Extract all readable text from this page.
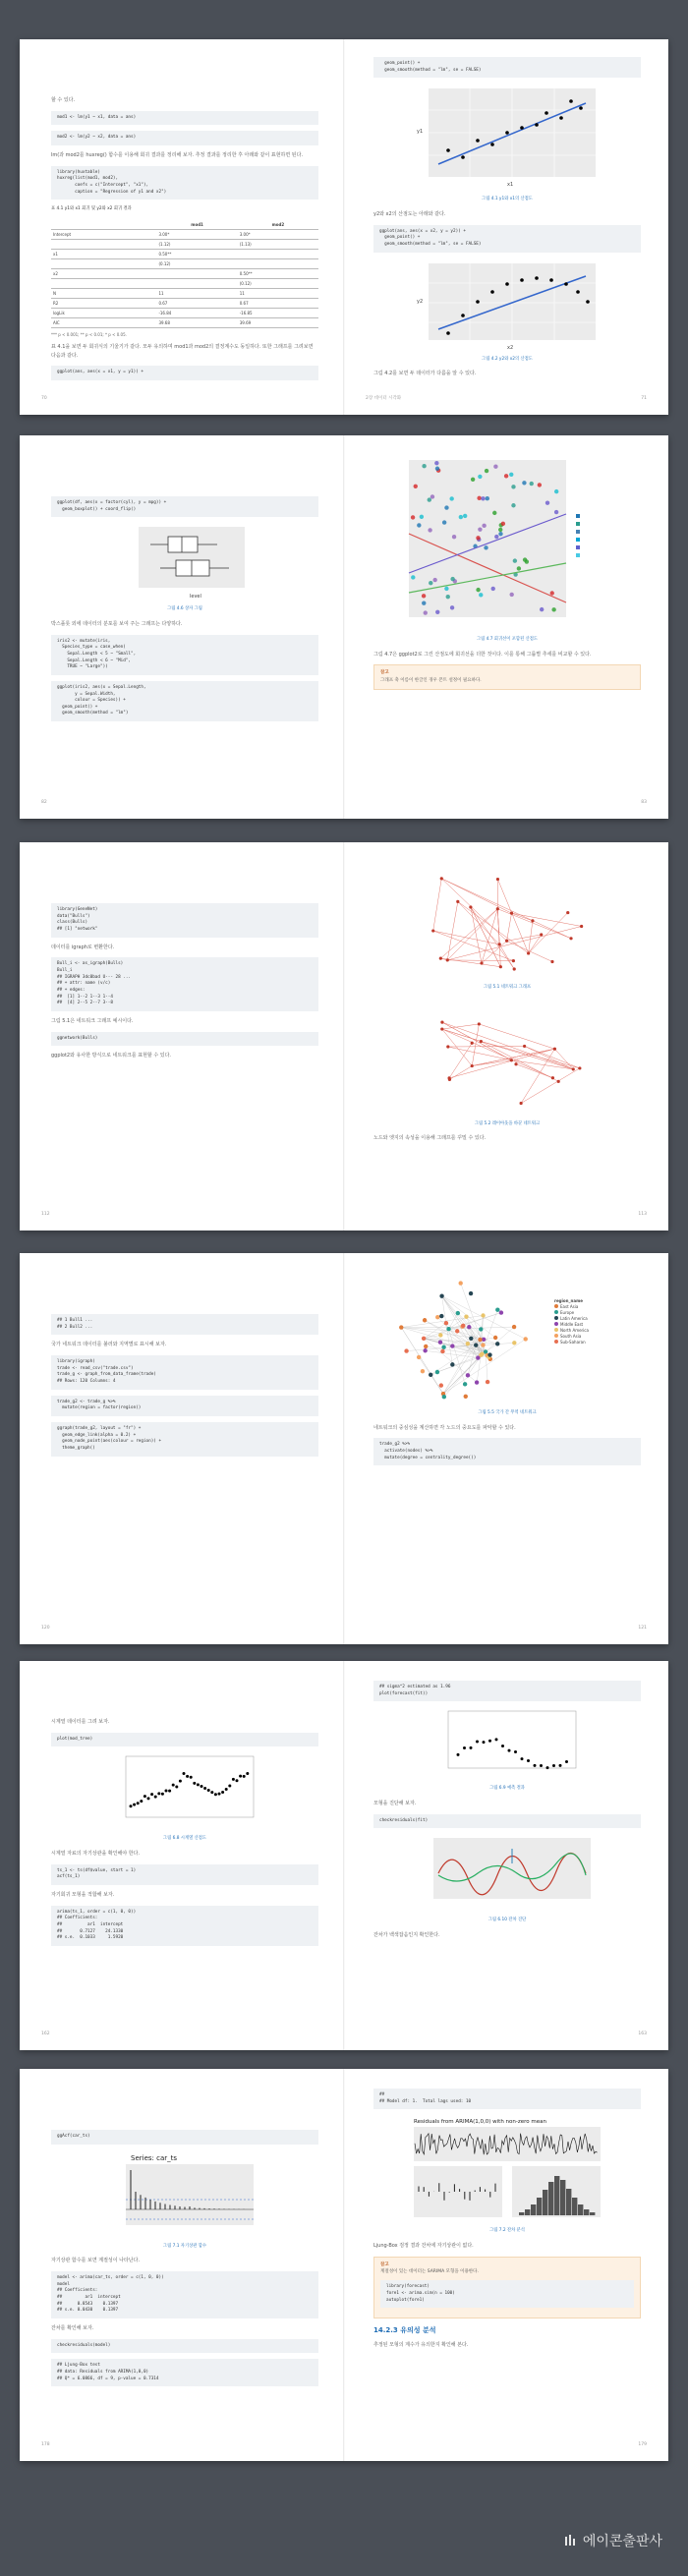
할 수 있다.
mod1 <- lm(y1 ~ x1, data = ans)
mod2 <- lm(y2 ~ x2, data = ans)
lm(과 mod2를 huxreg() 함수를 이용해 회귀 결과를 정리해 보자. 추정 결과를 정리한 후 아래와 같이 표현하면 된다.
library(huxtable)
huxreg(list(mod1, mod2),
coefs = c("Intercept", "x1"),
caption = "Regression of y1 and x2")
표 4.1 y1와 x1 회귀 및 y2와 x2 회귀 결과
	mod1	mod2
Intercept	3.00*	3.00*
	(1.12)	(1.13)
x1	0.50**	
	(0.12)	
x2		0.50**
		(0.12)
N	11	11
R2	0.67	0.67
logLik	-16.84	-16.85
AIC	39.68	39.69
*** p < 0.001; ** p < 0.01; * p < 0.05.
표 4.1을 보면 두 회귀식의 기울기가 같다. 모두 유의하며 mod1과 mod2의 결정계수도 동일하다. 또한 그래프를 그려보면 다음과 같다.
ggplot(ans, aes(x = x1, y = y1)) +
70
geom_point() +
geom_smooth(method = "lm", se = FALSE)
y1
x1
그림 4.1 y1와 x1의 산점도
y2와 x2의 산점도는 아래와 같다.
ggplot(ans, aes(x = x2, y = y2)) +
geom_point() +
geom_smooth(method = "lm", se = FALSE)
y2
x2
그림 4.2 y2와 x2의 산점도
그림 4.2를 보면 두 데이터가 다름을 알 수 있다.
2장 데이터 시각화	71
ggplot(df, aes(x = factor(cyl), y = mpg)) +
geom_boxplot() + coord_flip()
level
그림 4.6 상자 그림
박스플롯 외에 데이터의 분포를 보여 주는 그래프는 다양하다.
iris2 <- mutate(iris,
Species_type = case_when(
Sepal.Length < 5 ~ "Small",
Sepal.Length < 6 ~ "Mid",
TRUE ~ "Large"))
ggplot(iris2, aes(x = Sepal.Length,
y = Sepal.Width,
colour = Species)) +
geom_point() +
geom_smooth(method = "lm")
82
그림 4.7 회귀선이 포함된 산점도
그림 4.7은 ggplot2로 그린 산점도에 회귀선을 더한 것이다. 이를 통해 그룹별 추세를 비교할 수 있다.
참고
그래프 축 이름이 한글인 경우 폰트 설정이 필요하다.
83
library(GeneNet)
data("Bulls")
class(Bulls)
## [1] "network"
데이터를 igraph로 변환한다.
Bull_i <- as_igraph(Bulls)
Bull_i
## IGRAPH 3dc0bad U--- 28 ...
## + attr: name (v/c)
## + edges:
##  [1] 1--2 1--3 1--4
##  [4] 2--5 2--7 3--8
그림 5.1은 네트워크 그래프 예시이다.
ggnetwork(Bulls)
ggplot2와 유사한 방식으로 네트워크를 표현할 수 있다.
112
그림 5.1 네트워크 그래프
그림 5.2 레이아웃을 바꾼 네트워크
노드와 엣지의 속성을 이용해 그래프를 꾸밀 수 있다.
113
## 1 Bull1 ...
## 2 Bull2 ...
국가 네트워크 데이터를 불러와 지역별로 표시해 보자.
library(igraph)
trade <- read_csv("trade.csv")
trade_g <- graph_from_data_frame(trade)
## Rows: 120 Columns: 4
trade_g2 <- trade_g %>%
mutate(region = factor(region))
ggraph(trade_g2, layout = "fr") +
geom_edge_link(alpha = 0.2) +
geom_node_point(aes(colour = region)) +
theme_graph()
120
region_name
East Asia
Europe
Latin America
Middle East
North America
South Asia
Sub-Saharan
그림 5.5 국가 간 무역 네트워크
네트워크의 중심성을 계산하면 각 노드의 중요도를 파악할 수 있다.
trade_g2 %>%
activate(nodes) %>%
mutate(degree = centrality_degree())
121
시계열 데이터를 그려 보자.
plot(mod_tree)
그림 6.8 시계열 산점도
시계열 자료의 자기상관을 확인해야 한다.
ts_1 <- ts(df$value, start = 1)
acf(ts_1)
자기회귀 모형을 적합해 보자.
arima(ts_1, order = c(1, 0, 0))
## Coefficients:
##          ar1  intercept
##       0.7127    24.1330
## s.e.  0.1033     1.5920
162
## sigma^2 estimated as 1.96
plot(forecast(fit))
그림 6.9 예측 결과
모형을 진단해 보자.
checkresiduals(fit)
그림 6.10 잔차 진단
잔차가 백색잡음인지 확인한다.
163
ggAcf(car_ts)
Series: car_ts
그림 7.1 자기상관 함수
자기상관 함수를 보면 계절성이 나타난다.
model <- arima(car_ts, order = c(1, 0, 0))
model
## Coefficients:
##         ar1  intercept
##      0.8543    0.1397
## s.e. 0.0430    0.1397
잔차를 확인해 보자.
checkresiduals(model)
## Ljung-Box test
## data: Residuals from ARIMA(1,0,0)
## Q* = 6.0866, df = 9, p-value = 0.7314
178
##
## Model df: 1.  Total lags used: 10
Residuals from ARIMA(1,0,0) with non-zero mean
그림 7.2 잔차 분석
Ljung-Box 검정 결과 잔차에 자기상관이 없다.
참고
계절성이 있는 데이터는 SARIMA 모형을 이용한다.
library(forecast)
fore1 <- arima.sim(n = 100)
autoplot(fore1)
14.2.3 유의성 분석
추정된 모형의 계수가 유의한지 확인해 본다.
179
에이콘출판사
